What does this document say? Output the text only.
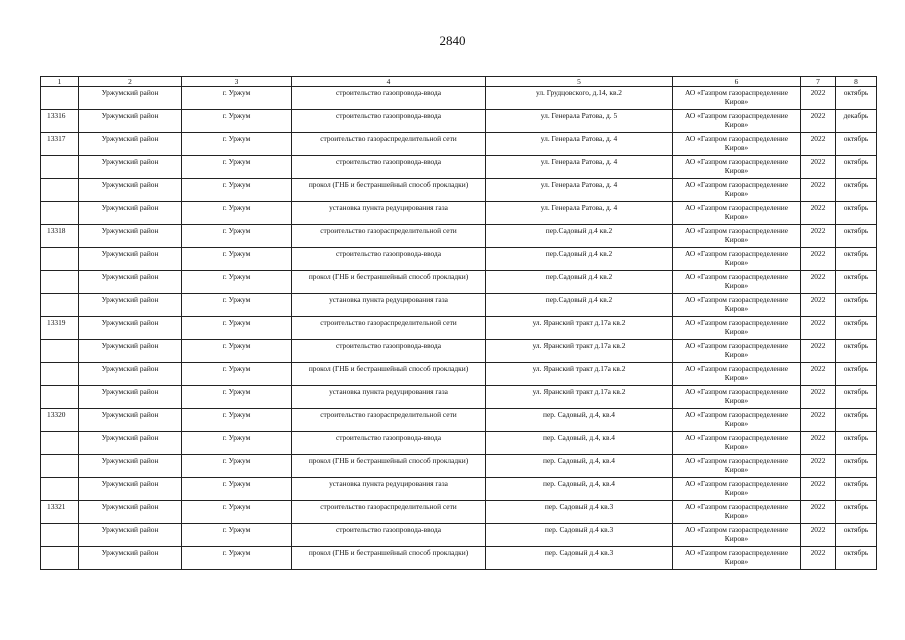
2840
1	2	3	4	5	6	7	8
	Уржумский район	г. Уржум	строительство газопровода-ввода	ул. Грудцовского, д.14, кв.2	АО «Газпром газораспределение Киров»	2022	октябрь
13316	Уржумский район	г. Уржум	строительство газопровода-ввода	ул. Генерала Ратова, д. 5	АО «Газпром газораспределение Киров»	2022	декабрь
13317	Уржумский район	г. Уржум	строительство газораспределительной сети	ул. Генерала Ратова, д. 4	АО «Газпром газораспределение Киров»	2022	октябрь
	Уржумский район	г. Уржум	строительство газопровода-ввода	ул. Генерала Ратова, д. 4	АО «Газпром газораспределение Киров»	2022	октябрь
	Уржумский район	г. Уржум	прокол (ГНБ и бестраншейный способ прокладки)	ул. Генерала Ратова, д. 4	АО «Газпром газораспределение Киров»	2022	октябрь
	Уржумский район	г. Уржум	установка пункта редуцирования газа	ул. Генерала Ратова, д. 4	АО «Газпром газораспределение Киров»	2022	октябрь
13318	Уржумский район	г. Уржум	строительство газораспределительной сети	пер.Садовый д.4 кв.2	АО «Газпром газораспределение Киров»	2022	октябрь
	Уржумский район	г. Уржум	строительство газопровода-ввода	пер.Садовый д.4 кв.2	АО «Газпром газораспределение Киров»	2022	октябрь
	Уржумский район	г. Уржум	прокол (ГНБ и бестраншейный способ прокладки)	пер.Садовый д.4 кв.2	АО «Газпром газораспределение Киров»	2022	октябрь
	Уржумский район	г. Уржум	установка пункта редуцирования газа	пер.Садовый д.4 кв.2	АО «Газпром газораспределение Киров»	2022	октябрь
13319	Уржумский район	г. Уржум	строительство газораспределительной сети	ул. Яранский тракт д.17а кв.2	АО «Газпром газораспределение Киров»	2022	октябрь
	Уржумский район	г. Уржум	строительство газопровода-ввода	ул. Яранский тракт д.17а кв.2	АО «Газпром газораспределение Киров»	2022	октябрь
	Уржумский район	г. Уржум	прокол (ГНБ и бестраншейный способ прокладки)	ул. Яранский тракт д.17а кв.2	АО «Газпром газораспределение Киров»	2022	октябрь
	Уржумский район	г. Уржум	установка пункта редуцирования газа	ул. Яранский тракт д.17а кв.2	АО «Газпром газораспределение Киров»	2022	октябрь
13320	Уржумский район	г. Уржум	строительство газораспределительной сети	пер. Садовый, д.4, кв.4	АО «Газпром газораспределение Киров»	2022	октябрь
	Уржумский район	г. Уржум	строительство газопровода-ввода	пер. Садовый, д.4, кв.4	АО «Газпром газораспределение Киров»	2022	октябрь
	Уржумский район	г. Уржум	прокол (ГНБ и бестраншейный способ прокладки)	пер. Садовый, д.4, кв.4	АО «Газпром газораспределение Киров»	2022	октябрь
	Уржумский район	г. Уржум	установка пункта редуцирования газа	пер. Садовый, д.4, кв.4	АО «Газпром газораспределение Киров»	2022	октябрь
13321	Уржумский район	г. Уржум	строительство газораспределительной сети	пер. Садовый д.4 кв.3	АО «Газпром газораспределение Киров»	2022	октябрь
	Уржумский район	г. Уржум	строительство газопровода-ввода	пер. Садовый д.4 кв.3	АО «Газпром газораспределение Киров»	2022	октябрь
	Уржумский район	г. Уржум	прокол (ГНБ и бестраншейный способ прокладки)	пер. Садовый д.4 кв.3	АО «Газпром газораспределение Киров»	2022	октябрь
